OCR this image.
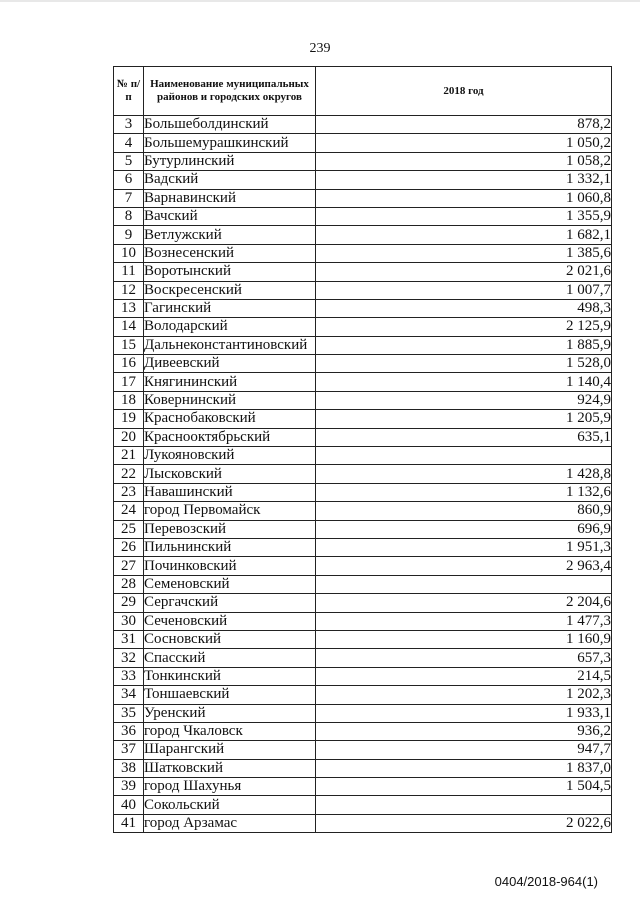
239
№ п/п	Наименование муниципальных районов и городских округов	2018 год
3	Большеболдинский	878,2
4	Большемурашкинский	1 050,2
5	Бутурлинский	1 058,2
6	Вадский	1 332,1
7	Варнавинский	1 060,8
8	Вачский	1 355,9
9	Ветлужский	1 682,1
10	Вознесенский	1 385,6
11	Воротынский	2 021,6
12	Воскресенский	1 007,7
13	Гагинский	498,3
14	Володарский	2 125,9
15	Дальнеконстантиновский	1 885,9
16	Дивеевский	1 528,0
17	Княгининский	1 140,4
18	Ковернинский	924,9
19	Краснобаковский	1 205,9
20	Краснооктябрьский	635,1
21	Лукояновский	
22	Лысковский	1 428,8
23	Навашинский	1 132,6
24	город Первомайск	860,9
25	Перевозский	696,9
26	Пильнинский	1 951,3
27	Починковский	2 963,4
28	Семеновский	
29	Сергачский	2 204,6
30	Сеченовский	1 477,3
31	Сосновский	1 160,9
32	Спасский	657,3
33	Тонкинский	214,5
34	Тоншаевский	1 202,3
35	Уренский	1 933,1
36	город Чкаловск	936,2
37	Шарангский	947,7
38	Шатковский	1 837,0
39	город Шахунья	1 504,5
40	Сокольский	
41	город Арзамас	2 022,6
0404/2018-964(1)
